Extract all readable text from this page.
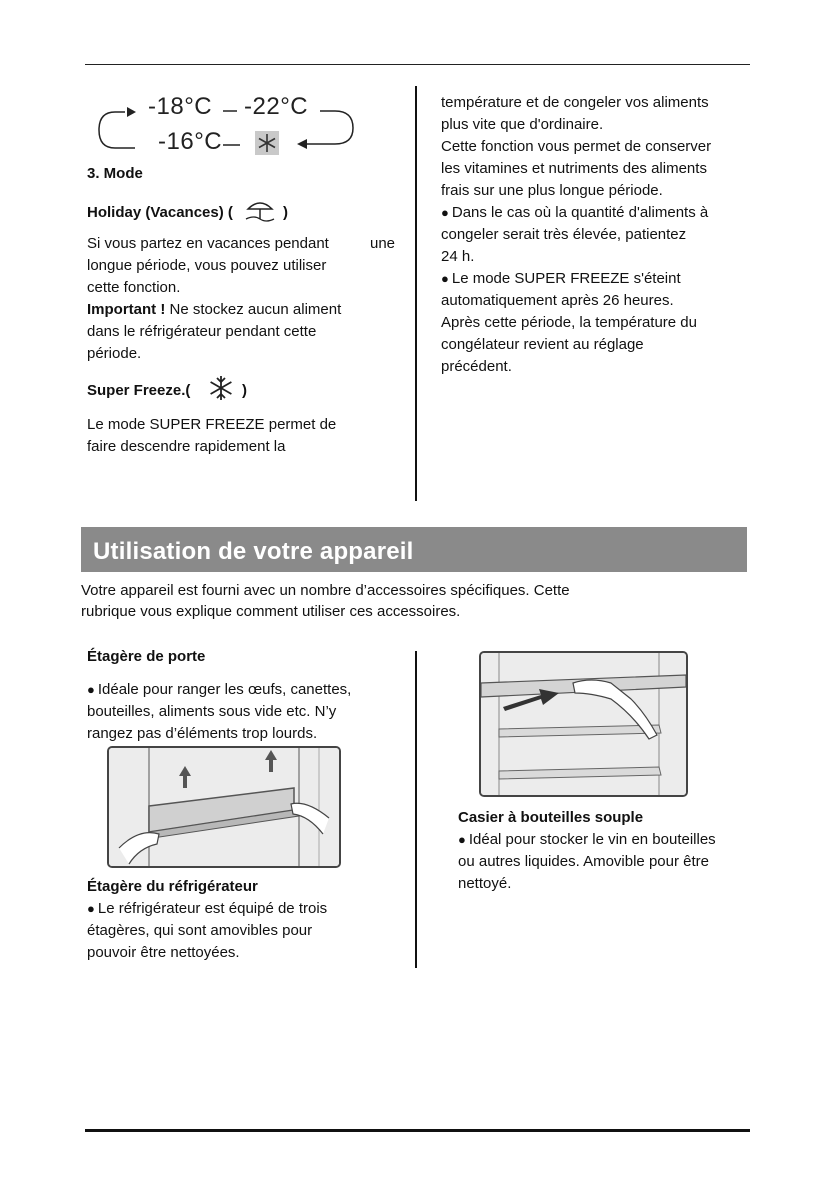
-18°C -22°C
-16°C
3. Mode
Holiday (Vacances) (	)
Si vous partez en vacances pendant	une
longue période, vous pouvez utiliser
cette fonction.
Important ! Ne stockez aucun aliment
dans le réfrigérateur pendant cette
période.
Super Freeze.(	)
Le mode SUPER FREEZE permet de
faire descendre rapidement la
température et de congeler vos aliments
plus vite que d'ordinaire.
Cette fonction vous permet de conserver
les vitamines et nutriments des aliments
frais sur une plus longue période.
● Dans le cas où la quantité d'aliments à
congeler serait très élevée, patientez
24 h.
● Le mode SUPER FREEZE s'éteint
automatiquement après 26 heures.
Après cette période, la température du
congélateur revient au réglage
précédent.
Utilisation de votre appareil
Votre appareil est fourni avec un nombre d’accessoires spécifiques. Cette
rubrique vous explique comment utiliser ces accessoires.
Étagère de porte
● Idéale pour ranger les œufs, canettes,
bouteilles, aliments sous vide etc. N’y
rangez pas d’éléments trop lourds.
Étagère du réfrigérateur
● Le réfrigérateur est équipé de trois
étagères, qui sont amovibles pour
pouvoir être nettoyées.
Casier à bouteilles souple
● Idéal pour stocker le vin en bouteilles
ou autres liquides. Amovible pour être
nettoyé.
